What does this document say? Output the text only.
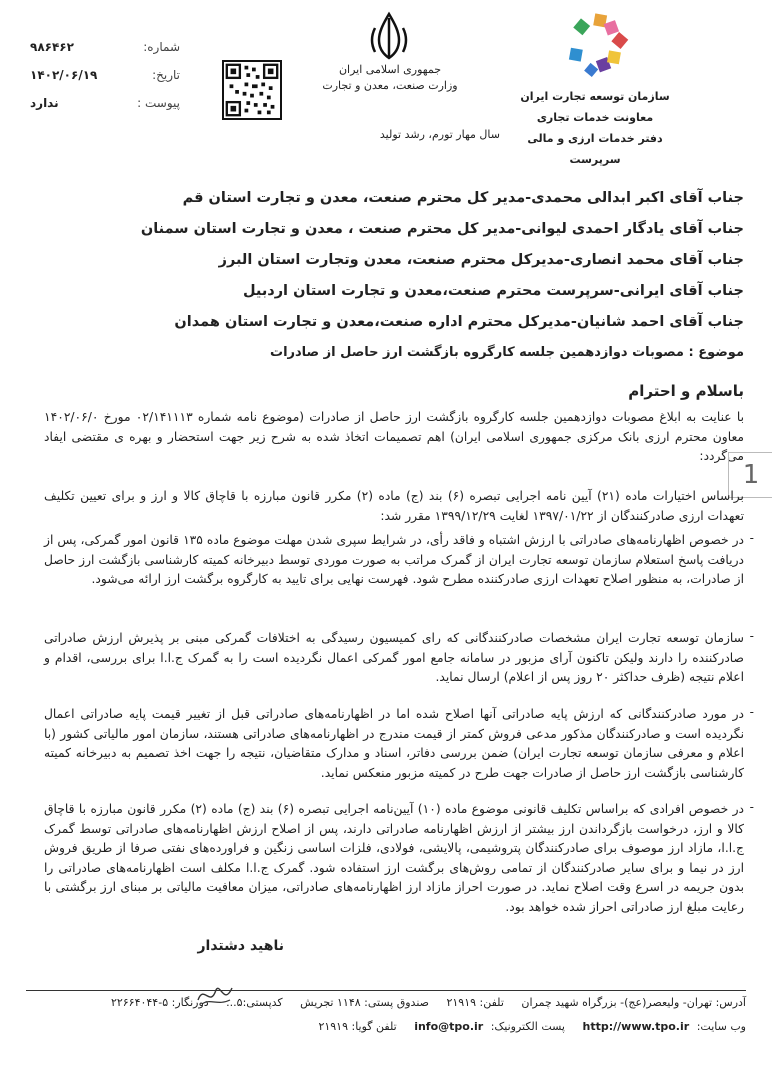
شماره:
۹۸۶۴۶۲
تاریخ:
۱۴۰۲/۰۶/۱۹
پیوست :
ندارد
جمهوری اسلامی ایران
وزارت صنعت، معدن و تجارت
سال مهار تورم، رشد تولید
سازمان توسعه تجارت ایران
معاونت خدمات تجاری
دفتر خدمات ارزی و مالی
سرپرست
جناب آقای اکبر ابدالی محمدی-مدیر کل محترم صنعت، معدن و تجارت استان قم
جناب آقای یادگار احمدی لیوانی-مدیر کل محترم صنعت ، معدن و تجارت استان سمنان
جناب آقای محمد انصاری-مدیرکل محترم صنعت، معدن وتجارت استان البرز
جناب آقای ایرانی-سرپرست محترم صنعت،معدن و تجارت استان اردبیل
جناب آقای احمد شانیان-مدیرکل محترم اداره صنعت،معدن و تجارت استان همدان
موضوع : مصوبات دوازدهمین جلسه کارگروه بازگشت ارز حاصل از صادرات
باسلام و احترام
با عنایت به ابلاغ مصوبات دوازدهمین جلسه کارگروه بازگشت ارز حاصل از صادرات (موضوع نامه شماره ۰۲/۱۴۱۱۱۳ مورخ ۱۴۰۲/۰۶/۰ معاون محترم ارزی بانک مرکزی جمهوری اسلامی ایران) اهم تصمیمات اتخاذ شده به شرح زیر جهت استحضار و بهره ی مقتضی ایفاد می‌گردد:
1
براساس اختیارات ماده (۲۱) آیین نامه اجرایی تبصره (۶) بند (ج) ماده (۲) مکرر قانون مبارزه با قاچاق کالا و ارز و برای تعیین تکلیف تعهدات ارزی صادرکنندگان از ۱۳۹۷/۰۱/۲۲ لغایت ۱۳۹۹/۱۲/۲۹ مقرر شد:
-
در خصوص اظهارنامه‌های صادراتی با ارزش اشتباه و فاقد رأی، در شرایط سپری شدن مهلت موضوع ماده ۱۳۵ قانون امور گمرکی، پس از دریافت پاسخ استعلام سازمان توسعه تجارت ایران از گمرک مراتب به صورت موردی توسط دبیرخانه کمیته کارشناسی بازگشت ارز حاصل از صادرات، به منظور اصلاح تعهدات ارزی صادرکننده مطرح شود. فهرست نهایی برای تایید به کارگروه برگشت ارز ارائه می‌شود.
-
سازمان توسعه تجارت ایران مشخصات صادرکنندگانی که رای کمیسیون رسیدگی به اختلافات گمرکی مبنی بر پذیرش ارزش صادراتی صادرکننده را دارند ولیکن تاکنون آرای مزبور در سامانه جامع امور گمرکی اعمال نگردیده است را به گمرک ج.ا.ا برای بررسی، اقدام و اعلام نتیجه (ظرف حداکثر ۲۰ روز پس از اعلام) ارسال نماید.
-
در مورد صادرکنندگانی که ارزش پایه صادراتی آنها اصلاح شده اما در اظهارنامه‌های صادراتی قبل از تغییر قیمت پایه صادراتی اعمال نگردیده است و صادرکنندگان مذکور مدعی فروش کمتر از قیمت مندرج در اظهارنامه‌های صادراتی هستند، سازمان امور مالیاتی کشور (با اعلام و معرفی سازمان توسعه تجارت ایران) ضمن بررسی دفاتر، اسناد و مدارک متقاضیان، نتیجه را جهت اخذ تصمیم به دبیرخانه کمیته کارشناسی بازگشت ارز حاصل از صادرات جهت طرح در کمیته مزبور منعکس نماید.
-
در خصوص افرادی که براساس تکلیف قانونی موضوع ماده (۱۰) آیین‌نامه اجرایی تبصره (۶) بند (ج) ماده (۲) مکرر قانون مبارزه با قاچاق کالا و ارز، درخواست بازگرداندن ارز بیشتر از ارزش اظهارنامه صادراتی دارند، پس از اصلاح ارزش اظهارنامه‌های صادراتی توسط گمرک ج.ا.ا، مازاد ارز موصوف برای صادرکنندگان پتروشیمی، پالایشی، فولادی، فلزات اساسی زنگین و فراورده‌های نفتی صرفا از طریق فروش ارز در نیما و برای سایر صادرکنندگان از تمامی روش‌های برگشت ارز استفاده شود. گمرک ج.ا.ا مکلف است اظهارنامه‌های صادراتی را بدون جریمه در اسرع وقت اصلاح نماید. در صورت احراز مازاد ارز اظهارنامه‌های صادراتی، میزان معافیت مالیاتی بر مبنای ارز برگشتی با رعایت مبلغ ارز صادراتی احراز شده خواهد بود.
ناهید دشتدار
آدرس: تهران- ولیعصر(عج)- بزرگراه شهید چمران تلفن: ۲۱۹۱۹ صندوق پستی: ۱۱۴۸ تجریش کدپستی:۵... دورنگار: ۵-۲۲۶۶۴۰۴۴
وب سایت: http://www.tpo.ir پست الکترونیک: info@tpo.ir تلفن گویا: ۲۱۹۱۹
